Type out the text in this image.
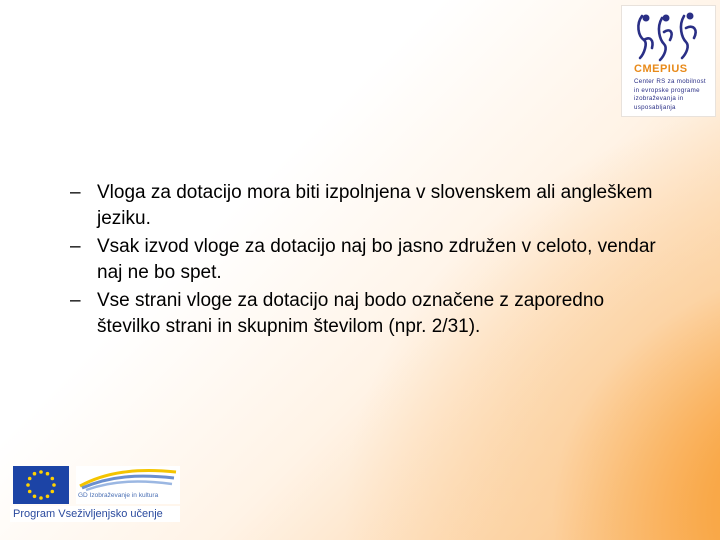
CMEPIUS
Center RS za mobilnost
in evropske programe
izobraževanja in
usposabljanja
– Vloga za dotacijo mora biti izpolnjena v slovenskem ali angleškem jeziku.
– Vsak izvod vloge za dotacijo naj bo jasno združen v celoto, vendar naj ne bo spet.
– Vse strani vloge za dotacijo naj bodo označene z zaporedno številko strani in skupnim številom (npr. 2/31).
GD Izobraževanje in kultura
Program Vseživljenjsko učenje
